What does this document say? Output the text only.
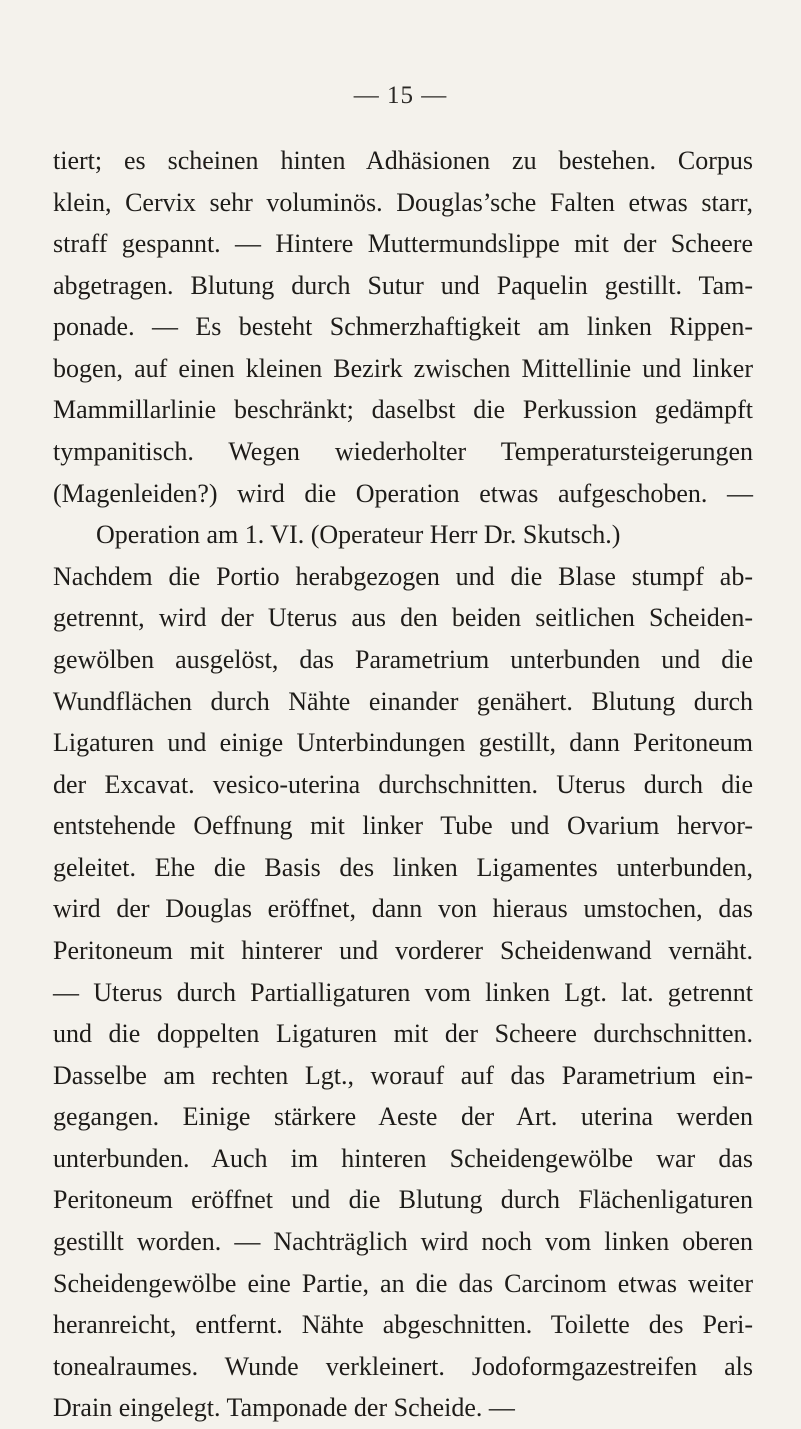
— 15 —
tiert; es scheinen hinten Adhäsionen zu bestehen. Corpus
klein, Cervix sehr voluminös. Douglas’sche Falten etwas starr,
straff gespannt. — Hintere Muttermundslippe mit der Scheere
abgetragen. Blutung durch Sutur und Paquelin gestillt. Tam-
ponade. — Es besteht Schmerzhaftigkeit am linken Rippen-
bogen, auf einen kleinen Bezirk zwischen Mittellinie und linker
Mammillarlinie beschränkt; daselbst die Perkussion gedämpft
tympanitisch. Wegen wiederholter Temperatursteigerungen
(Magenleiden?) wird die Operation etwas aufgeschoben. —
Operation am 1. VI. (Operateur Herr Dr. Skutsch.)
Nachdem die Portio herabgezogen und die Blase stumpf ab-
getrennt, wird der Uterus aus den beiden seitlichen Scheiden-
gewölben ausgelöst, das Parametrium unterbunden und die
Wundflächen durch Nähte einander genähert. Blutung durch
Ligaturen und einige Unterbindungen gestillt, dann Peritoneum
der Excavat. vesico-uterina durchschnitten. Uterus durch die
entstehende Oeffnung mit linker Tube und Ovarium hervor-
geleitet. Ehe die Basis des linken Ligamentes unterbunden,
wird der Douglas eröffnet, dann von hieraus umstochen, das
Peritoneum mit hinterer und vorderer Scheidenwand vernäht.
— Uterus durch Partialligaturen vom linken Lgt. lat. getrennt
und die doppelten Ligaturen mit der Scheere durchschnitten.
Dasselbe am rechten Lgt., worauf auf das Parametrium ein-
gegangen. Einige stärkere Aeste der Art. uterina werden
unterbunden. Auch im hinteren Scheidengewölbe war das
Peritoneum eröffnet und die Blutung durch Flächenligaturen
gestillt worden. — Nachträglich wird noch vom linken oberen
Scheidengewölbe eine Partie, an die das Carcinom etwas weiter
heranreicht, entfernt. Nähte abgeschnitten. Toilette des Peri-
tonealraumes. Wunde verkleinert. Jodoformgazestreifen als
Drain eingelegt. Tamponade der Scheide. —
